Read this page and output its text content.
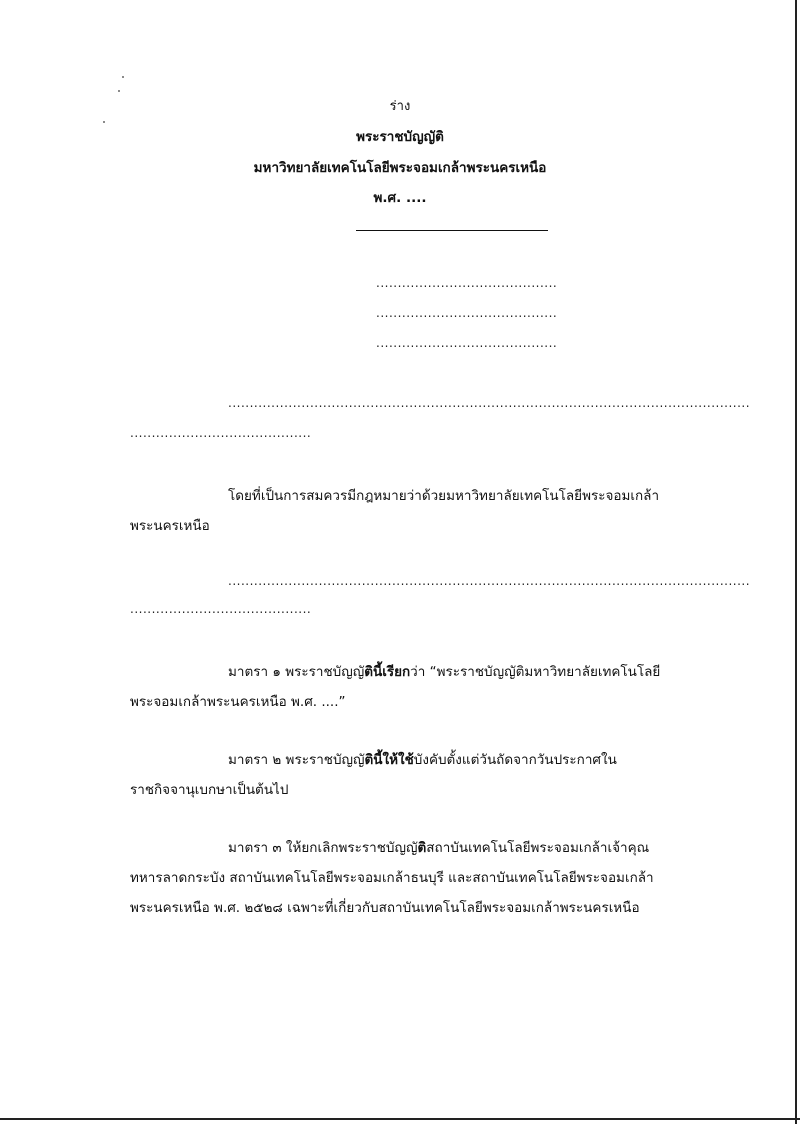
ร่าง
พระราชบัญญัติ
มหาวิทยาลัยเทคโนโลยีพระจอมเกล้าพระนครเหนือ
พ.ศ. ....
..........................................
..........................................
..........................................
.........................................................................................................................
..........................................
โดยที่เป็นการสมควรมีกฎหมายว่าด้วยมหาวิทยาลัยเทคโนโลยีพระจอมเกล้า
พระนครเหนือ
.........................................................................................................................
..........................................
มาตรา ๑ พระราชบัญญัตินี้เรียกว่า “พระราชบัญญัติมหาวิทยาลัยเทคโนโลยี
พระจอมเกล้าพระนครเหนือ พ.ศ. ....”
มาตรา ๒ พระราชบัญญัตินี้ให้ใช้บังคับตั้งแต่วันถัดจากวันประกาศใน
ราชกิจจานุเบกษาเป็นต้นไป
มาตรา ๓ ให้ยกเลิกพระราชบัญญัติสถาบันเทคโนโลยีพระจอมเกล้าเจ้าคุณ
ทหารลาดกระบัง สถาบันเทคโนโลยีพระจอมเกล้าธนบุรี และสถาบันเทคโนโลยีพระจอมเกล้า
พระนครเหนือ พ.ศ. ๒๕๒๘ เฉพาะที่เกี่ยวกับสถาบันเทคโนโลยีพระจอมเกล้าพระนครเหนือ
